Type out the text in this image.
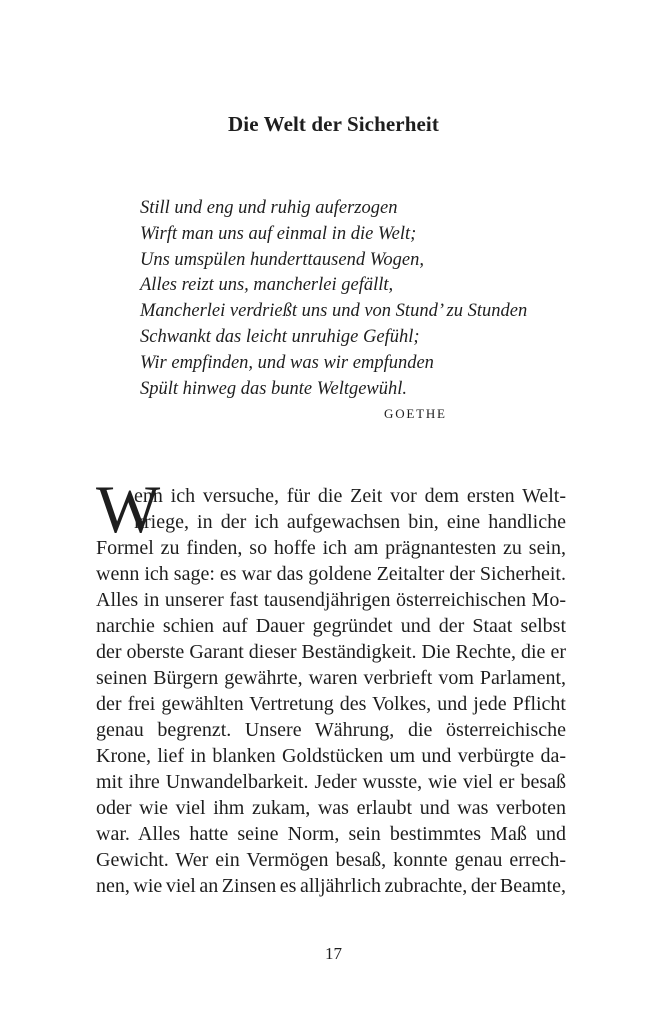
Die Welt der Sicherheit
Still und eng und ruhig auferzogen
Wirft man uns auf einmal in die Welt;
Uns umspülen hunderttausend Wogen,
Alles reizt uns, mancherlei gefällt,
Mancherlei verdrießt uns und von Stund’ zu Stunden
Schwankt das leicht unruhige Gefühl;
Wir empfinden, und was wir empfunden
Spült hinweg das bunte Weltgewühl.
GOETHE
W
enn ich versuche, für die Zeit vor dem ersten Welt-
kriege, in der ich aufgewachsen bin, eine handliche
Formel zu finden, so hoffe ich am prägnantesten zu sein,
wenn ich sage: es war das goldene Zeitalter der Sicherheit.
Alles in unserer fast tausendjährigen österreichischen Mo-
narchie schien auf Dauer gegründet und der Staat selbst
der oberste Garant dieser Beständigkeit. Die Rechte, die er
seinen Bürgern gewährte, waren verbrieft vom Parlament,
der frei gewählten Vertretung des Volkes, und jede Pflicht
genau begrenzt. Unsere Währung, die österreichische
Krone, lief in blanken Goldstücken um und verbürgte da-
mit ihre Unwandelbarkeit. Jeder wusste, wie viel er besaß
oder wie viel ihm zukam, was erlaubt und was verboten
war. Alles hatte seine Norm, sein bestimmtes Maß und
Gewicht. Wer ein Vermögen besaß, konnte genau errech-
nen, wie viel an Zinsen es alljährlich zubrachte, der Beamte,
17
